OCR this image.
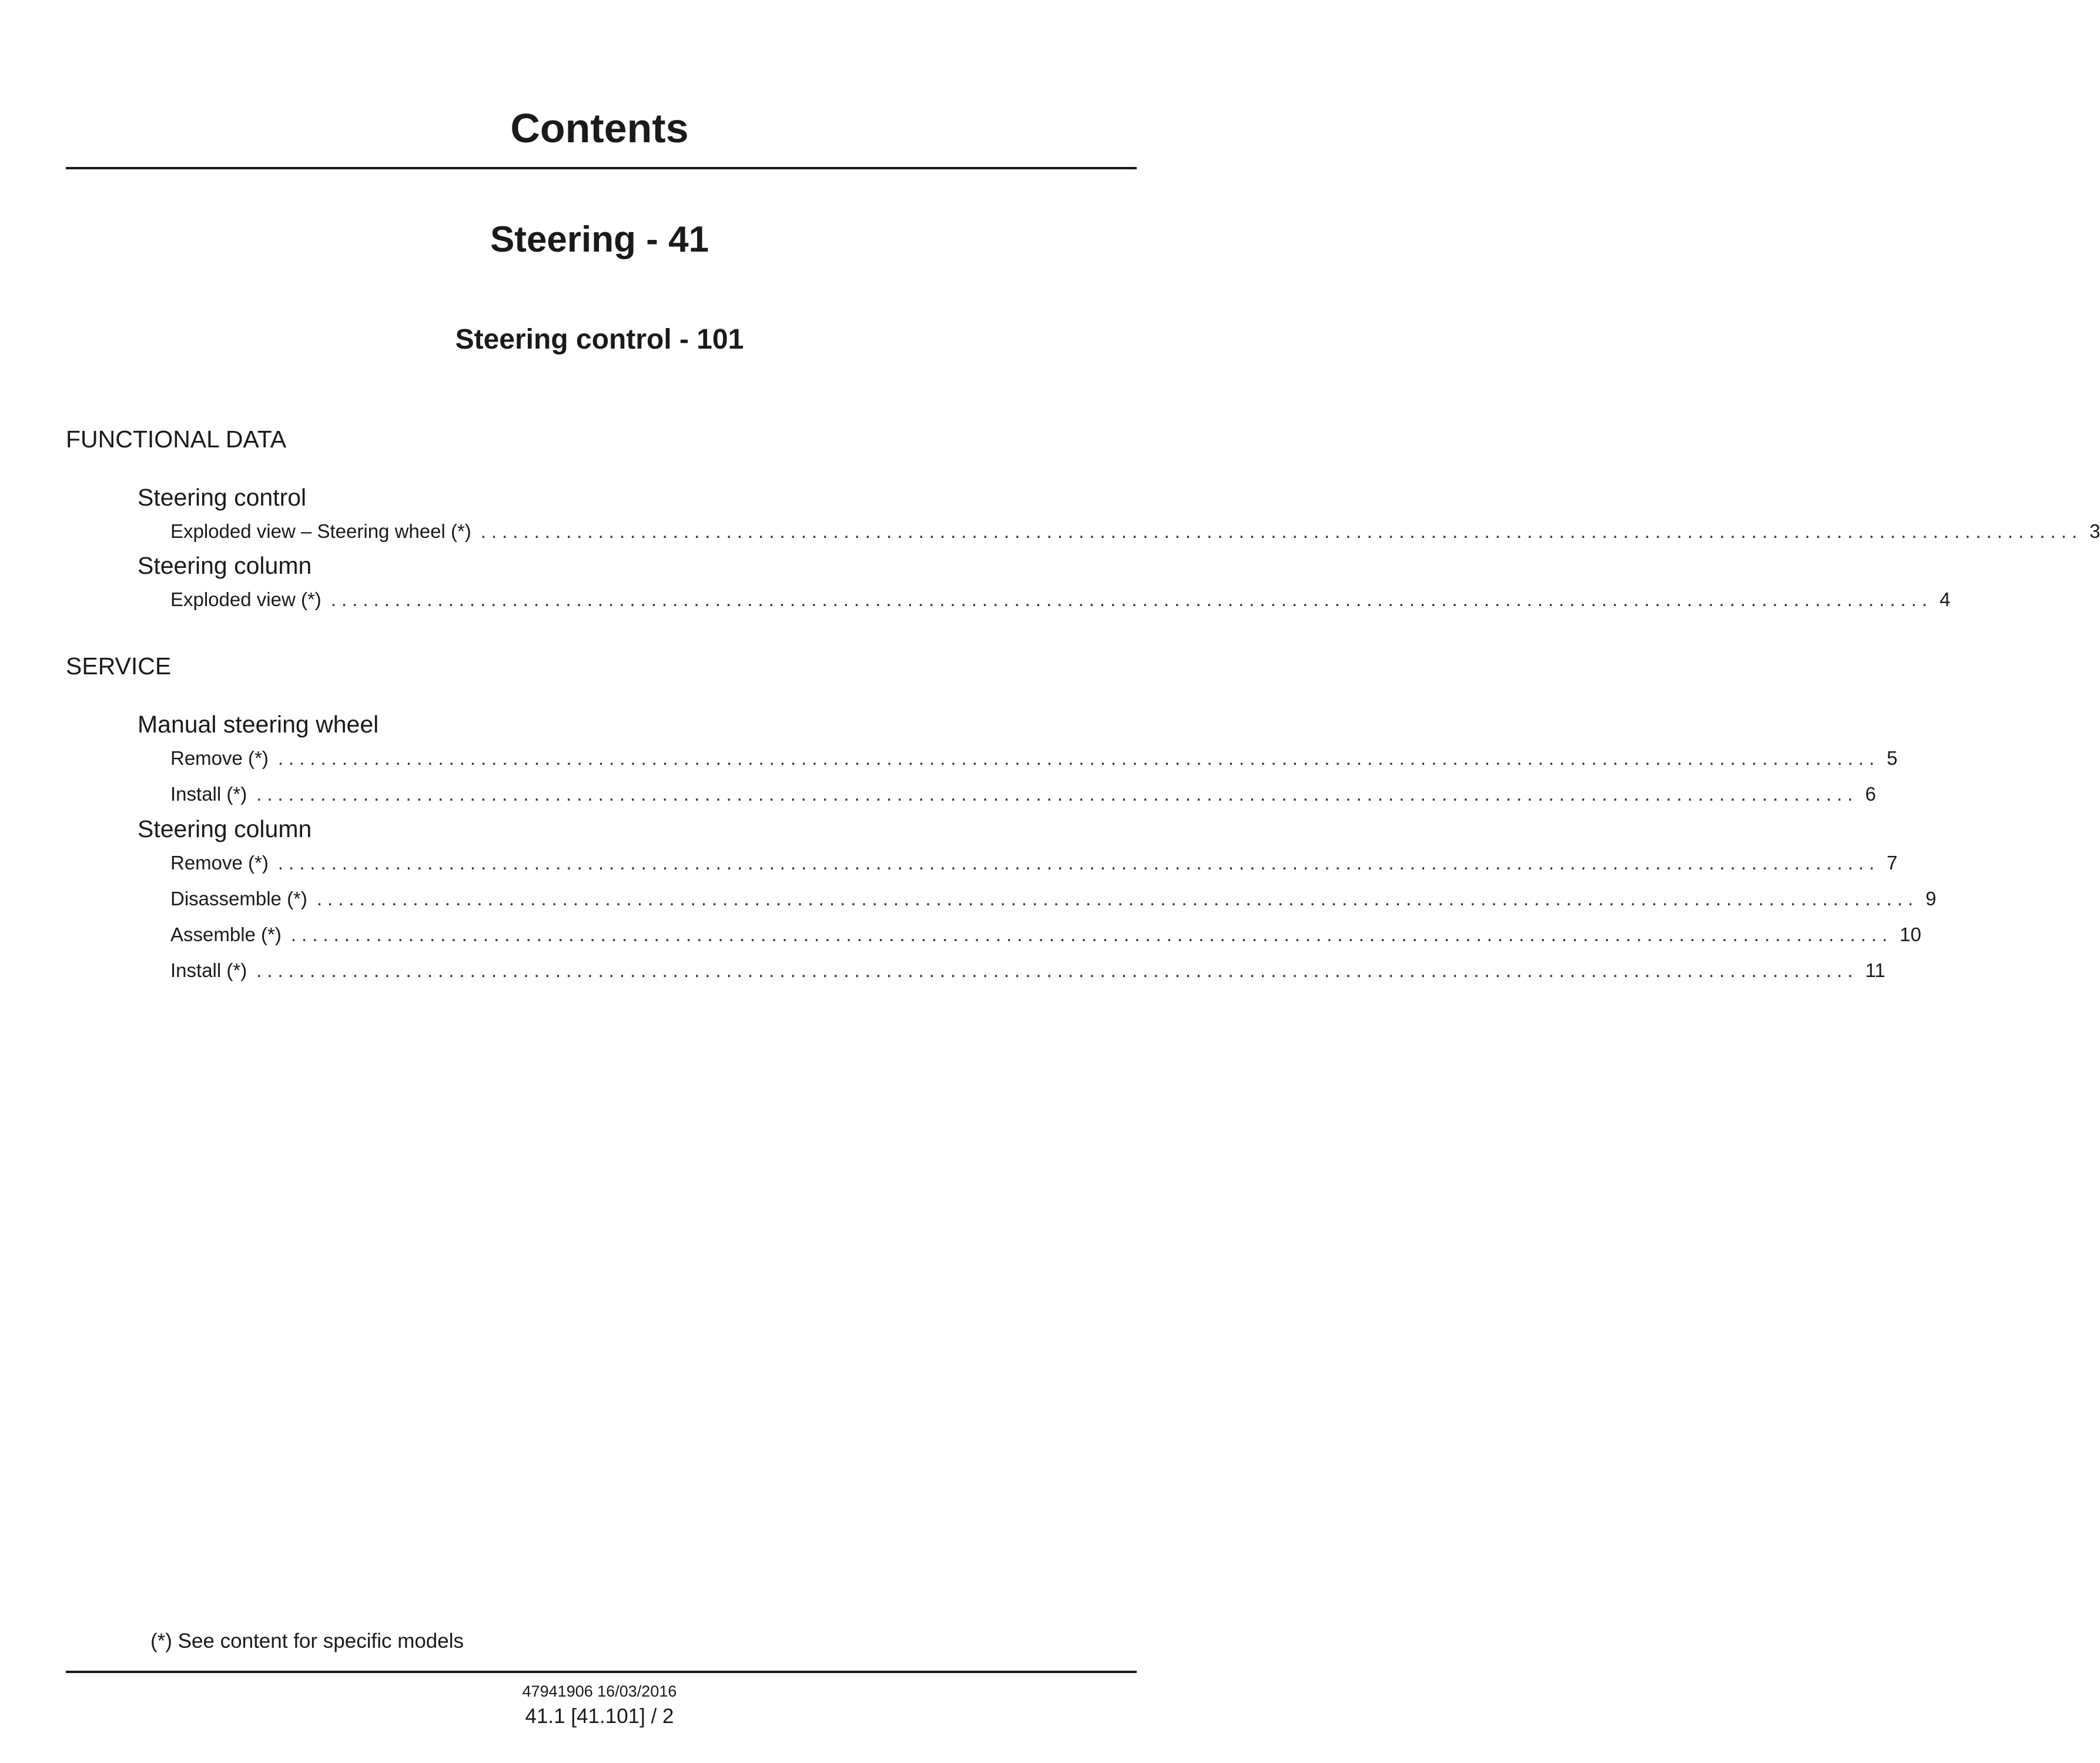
Contents
Steering - 41
Steering control - 101
FUNCTIONAL DATA
Steering control
Exploded view – Steering wheel (*) ...................................................................................................................................................... 3
Steering column
Exploded view (*) ...................................................................................................................................................... 4
SERVICE
Manual steering wheel
Remove (*) ...................................................................................................................................................... 5
Install (*) ...................................................................................................................................................... 6
Steering column
Remove (*) ...................................................................................................................................................... 7
Disassemble (*) ...................................................................................................................................................... 9
Assemble (*) ...................................................................................................................................................... 10
Install (*) ...................................................................................................................................................... 11
(*) See content for specific models
47941906 16/03/2016
41.1 [41.101] / 2
